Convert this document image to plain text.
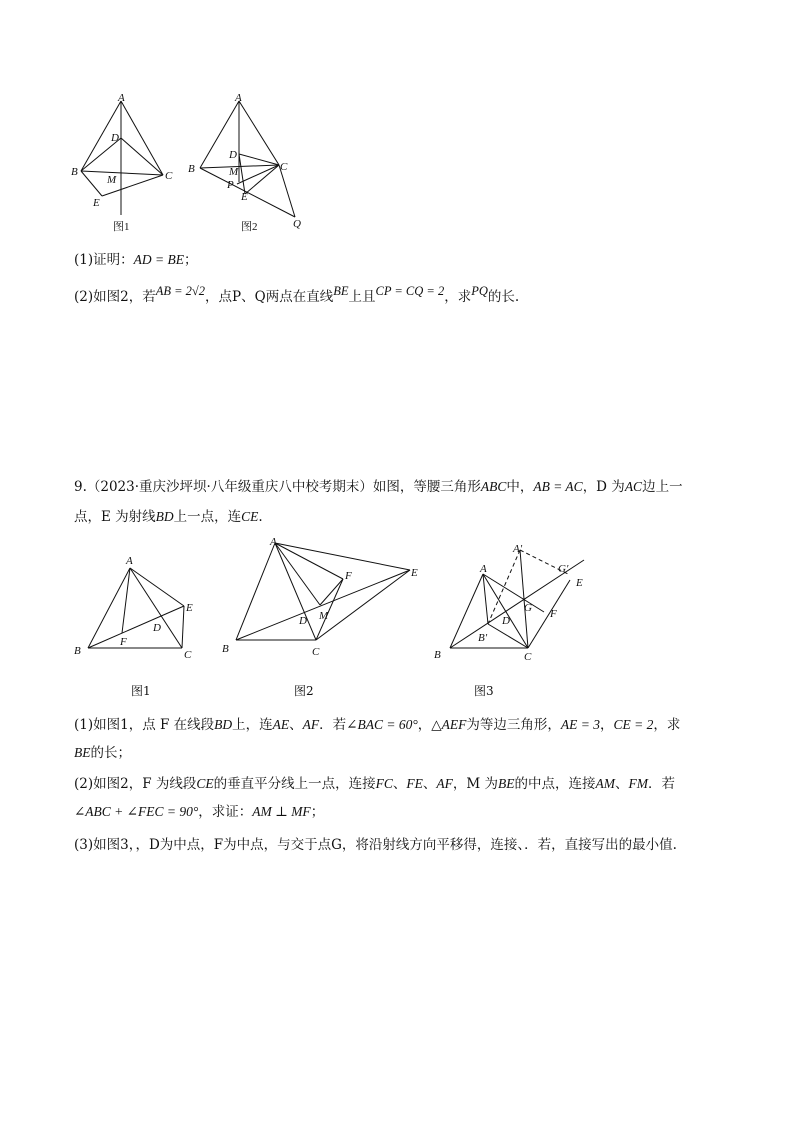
A
B	C
D
M
E
图1
A
B	C
D
M
P
E
Q
图2
(1)证明：AD = BE；
(2)如图2，若AB = 2√2，点P、Q两点在直线BE上且CP = CQ = 2，求PQ的长.
9.（2023·重庆沙坪坝·八年级重庆八中校考期末）如图，等腰三角形ABC中，AB = AC，D 为AC边上一
点，E 为射线BD上一点，连CE.
A
B	C
D
E
F
图1
A
B	C
D M
F	E
图2
A
B	C
D
E
F
G
A′
B′
G′
图3
(1)如图1，点 F 在线段BD上，连AE、AF．若∠BAC = 60°，△AEF为等边三角形，AE = 3，CE = 2，求
BE的长；
(2)如图2，F 为线段CE的垂直平分线上一点，连接FC、FE、AF，M 为BE的中点，连接AM、FM．若
∠ABC + ∠FEC = 90°，求证：AM ⊥ MF；
(3)如图3，，D为中点，F为中点，与交于点G，将沿射线方向平移得，连接、．若，直接写出的最小值.
